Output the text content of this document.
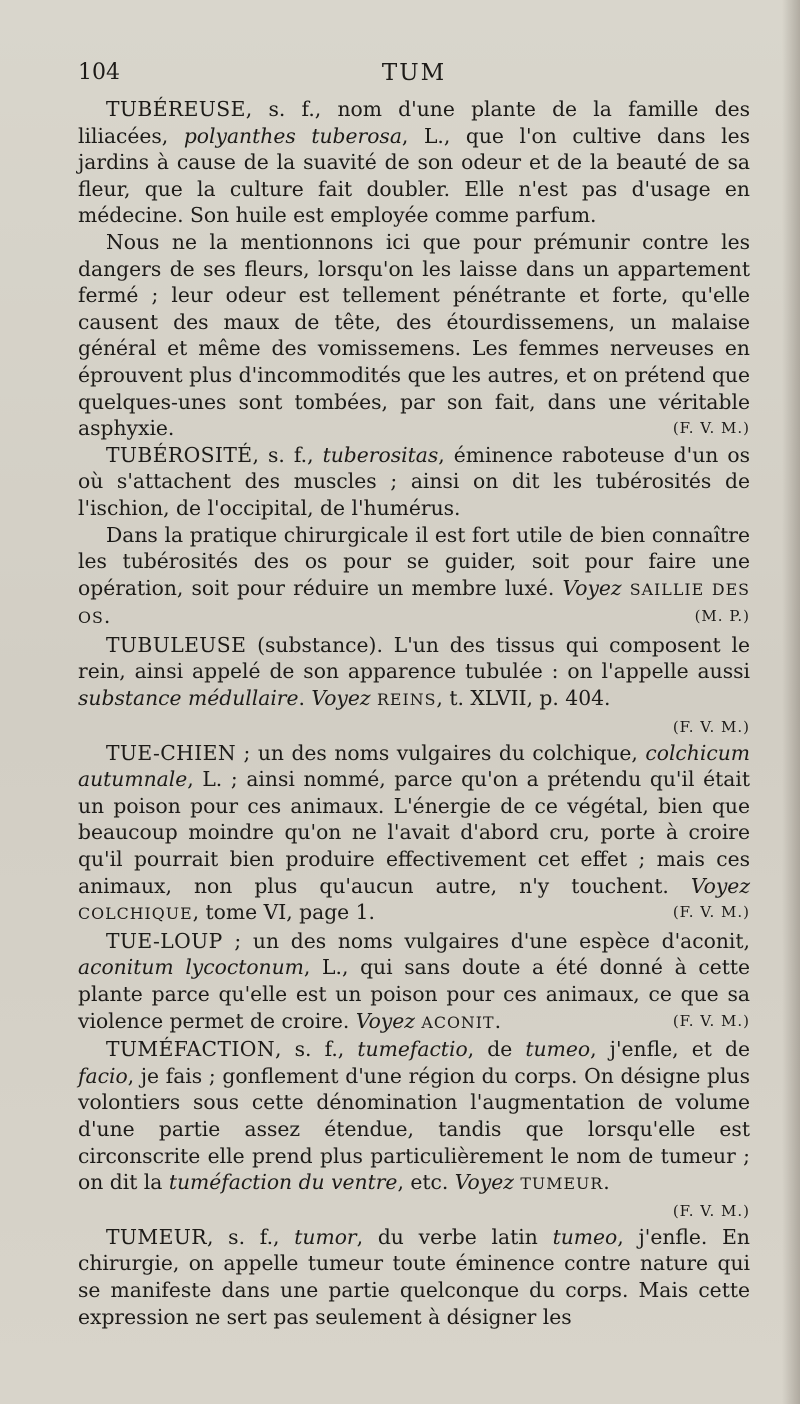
104	TUM

TUBÉREUSE, s. f., nom d'une plante de la famille des liliacées, polyanthes tuberosa, L., que l'on cultive dans les jardins à cause de la suavité de son odeur et de la beauté de sa fleur, que la culture fait doubler. Elle n'est pas d'usage en médecine. Son huile est employée comme parfum.

Nous ne la mentionnons ici que pour prémunir contre les dangers de ses fleurs, lorsqu'on les laisse dans un appartement fermé ; leur odeur est tellement pénétrante et forte, qu'elle causent des maux de tête, des étourdissemens, un malaise général et même des vomissemens. Les femmes nerveuses en éprouvent plus d'incommodités que les autres, et on prétend que quelques-unes sont tombées, par son fait, dans une véritable asphyxie.	(F. V. M.)

TUBÉROSITÉ, s. f., tuberositas, éminence raboteuse d'un os où s'attachent des muscles ; ainsi on dit les tubérosités de l'ischion, de l'occipital, de l'humérus.

Dans la pratique chirurgicale il est fort utile de bien connaître les tubérosités des os pour se guider, soit pour faire une opération, soit pour réduire un membre luxé. Voyez SAILLIE DES OS.	(M. P.)

TUBULEUSE (substance). L'un des tissus qui composent le rein, ainsi appelé de son apparence tubulée : on l'appelle aussi substance médullaire. Voyez REINS, t. XLVII, p. 404.

(F. V. M.)

TUE-CHIEN ; un des noms vulgaires du colchique, colchicum autumnale, L. ; ainsi nommé, parce qu'on a prétendu qu'il était un poison pour ces animaux. L'énergie de ce végétal, bien que beaucoup moindre qu'on ne l'avait d'abord cru, porte à croire qu'il pourrait bien produire effectivement cet effet ; mais ces animaux, non plus qu'aucun autre, n'y touchent. Voyez COLCHIQUE, tome VI, page 1.	(F. V. M.)

TUE-LOUP ; un des noms vulgaires d'une espèce d'aconit, aconitum lycoctonum, L., qui sans doute a été donné à cette plante parce qu'elle est un poison pour ces animaux, ce que sa violence permet de croire. Voyez ACONIT.	(F. V. M.)

TUMÉFACTION, s. f., tumefactio, de tumeo, j'enfle, et de facio, je fais ; gonflement d'une région du corps. On désigne plus volontiers sous cette dénomination l'augmentation de volume d'une partie assez étendue, tandis que lorsqu'elle est circonscrite elle prend plus particulièrement le nom de tumeur ; on dit la tuméfaction du ventre, etc. Voyez TUMEUR.

(F. V. M.)

TUMEUR, s. f., tumor, du verbe latin tumeo, j'enfle. En chirurgie, on appelle tumeur toute éminence contre nature qui se manifeste dans une partie quelconque du corps. Mais cette expression ne sert pas seulement à désigner les
